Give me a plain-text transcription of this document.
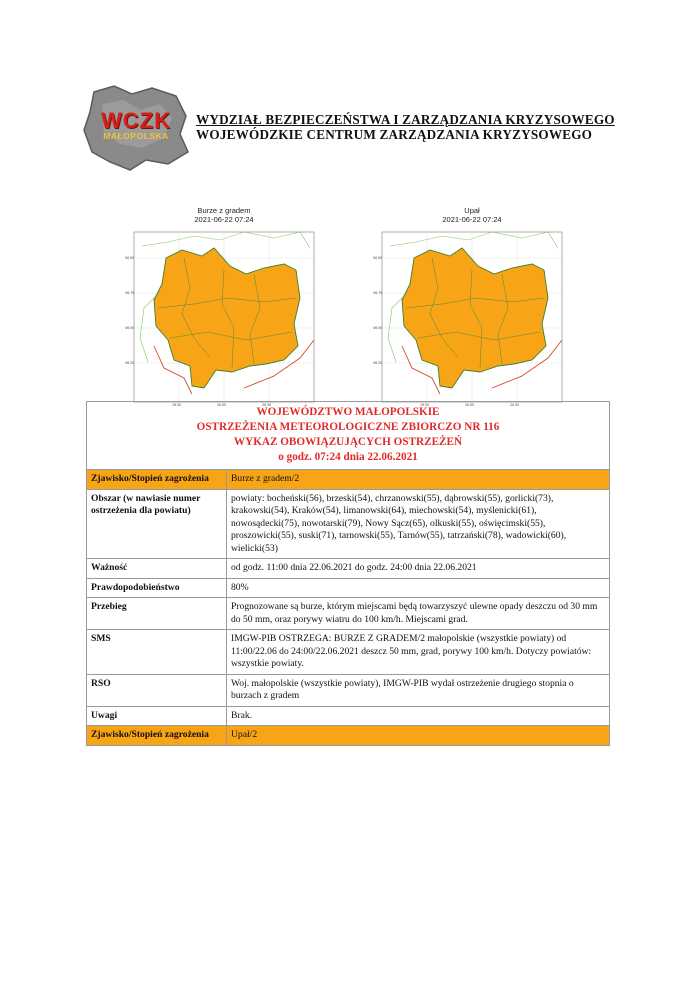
WCZK
MAŁOPOLSKA
WYDZIAŁ BEZPIECZEŃSTWA I ZARZĄDZANIA KRYZYSOWEGO
WOJEWÓDZKIE CENTRUM ZARZĄDZANIA KRYZYSOWEGO
Burze z gradem
2021-06-22 07:24
50.00
49.75
49.50
49.25
19.50	20.00	20.50
Upał
2021-06-22 07:24
50.00
49.75
49.50
49.25
19.50	20.00	20.50
WOJEWÓDZTWO MAŁOPOLSKIE
OSTRZEŻENIA METEOROLOGICZNE ZBIORCZO NR 116
WYKAZ OBOWIĄZUJĄCYCH OSTRZEŻEŃ
o godz. 07:24 dnia 22.06.2021	

Zjawisko/Stopień zagrożenia	Burze z gradem/2
Obszar (w nawiasie numer ostrzeżenia dla powiatu)	powiaty: bocheński(56), brzeski(54), chrzanowski(55), dąbrowski(55), gorlicki(73), krakowski(54), Kraków(54), limanowski(64), miechowski(54), myślenicki(61), nowosądecki(75), nowotarski(79), Nowy Sącz(65), olkuski(55), oświęcimski(55), proszowicki(55), suski(71), tarnowski(55), Tarnów(55), tatrzański(78), wadowicki(60), wielicki(53)
Ważność	od godz. 11:00 dnia 22.06.2021 do godz. 24:00 dnia 22.06.2021
Prawdopodobieństwo	80%
Przebieg	Prognozowane są burze, którym miejscami będą towarzyszyć ulewne opady deszczu od 30 mm do 50 mm, oraz porywy wiatru do 100 km/h. Miejscami grad.
SMS	IMGW-PIB OSTRZEGA: BURZE Z GRADEM/2 małopolskie (wszystkie powiaty) od 11:00/22.06 do 24:00/22.06.2021 deszcz 50 mm, grad, porywy 100 km/h. Dotyczy powiatów: wszystkie powiaty.
RSO	Woj. małopolskie (wszystkie powiaty), IMGW-PIB wydał ostrzeżenie drugiego stopnia o burzach z gradem
Uwagi	Brak.
Zjawisko/Stopień zagrożenia	Upał/2
